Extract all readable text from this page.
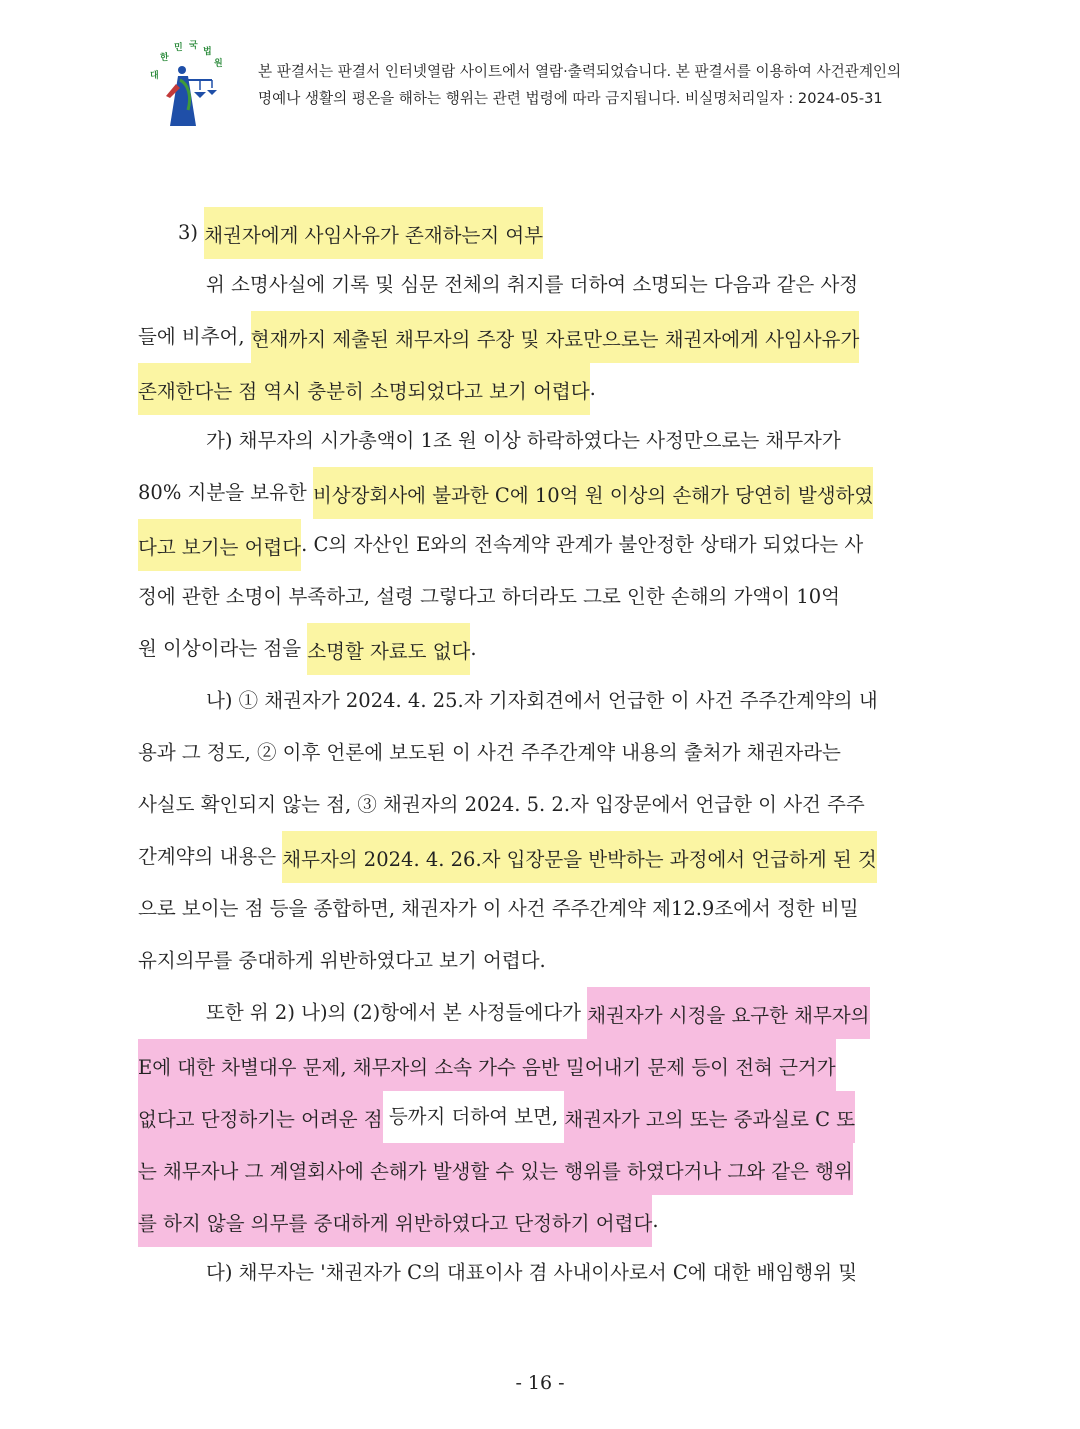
대
한
민 국
법
원 본 판결서는 판결서 인터넷열람 사이트에서 열람·출력되었습니다. 본 판결서를 이용하여 사건관계인의
명예나 생활의 평온을 해하는 행위는 관련 법령에 따라 금지됩니다. 비실명처리일자 : 2024-05-31
3) 채권자에게 사임사유가 존재하는지 여부
위 소명사실에 기록 및 심문 전체의 취지를 더하여 소명되는 다음과 같은 사정
들에 비추어, 현재까지 제출된 채무자의 주장 및 자료만으로는 채권자에게 사임사유가
존재한다는 점 역시 충분히 소명되었다고 보기 어렵다 .
가) 채무자의 시가총액이 1조 원 이상 하락하였다는 사정만으로는 채무자가
80% 지분을 보유한 비상장회사에 불과한 C에 10억 원 이상의 손해가 당연히 발생하였
다고 보기는 어렵다 . C의 자산인 E와의 전속계약 관계가 불안정한 상태가 되었다는 사
정에 관한 소명이 부족하고, 설령 그렇다고 하더라도 그로 인한 손해의 가액이 10억
원 이상이라는 점을 소명할 자료도 없다 .
나) ① 채권자가 2024. 4. 25.자 기자회견에서 언급한 이 사건 주주간계약의 내
용과 그 정도, ② 이후 언론에 보도된 이 사건 주주간계약 내용의 출처가 채권자라는
사실도 확인되지 않는 점, ③ 채권자의 2024. 5. 2.자 입장문에서 언급한 이 사건 주주
간계약의 내용은 채무자의 2024. 4. 26.자 입장문을 반박하는 과정에서 언급하게 된 것
으로 보이는 점 등을 종합하면, 채권자가 이 사건 주주간계약 제12.9조에서 정한 비밀
유지의무를 중대하게 위반하였다고 보기 어렵다.
또한 위 2) 나)의 (2)항에서 본 사정들에다가 채권자가 시정을 요구한 채무자의
E에 대한 차별대우 문제, 채무자의 소속 가수 음반 밀어내기 문제 등이 전혀 근거가
없다고 단정하기는 어려운 점 등까지 더하여 보면, 채권자가 고의 또는 중과실로 C 또
는 채무자나 그 계열회사에 손해가 발생할 수 있는 행위를 하였다거나 그와 같은 행위
를 하지 않을 의무를 중대하게 위반하였다고 단정하기 어렵다 .
다) 채무자는 '채권자가 C의 대표이사 겸 사내이사로서 C에 대한 배임행위 및
- 16 -
